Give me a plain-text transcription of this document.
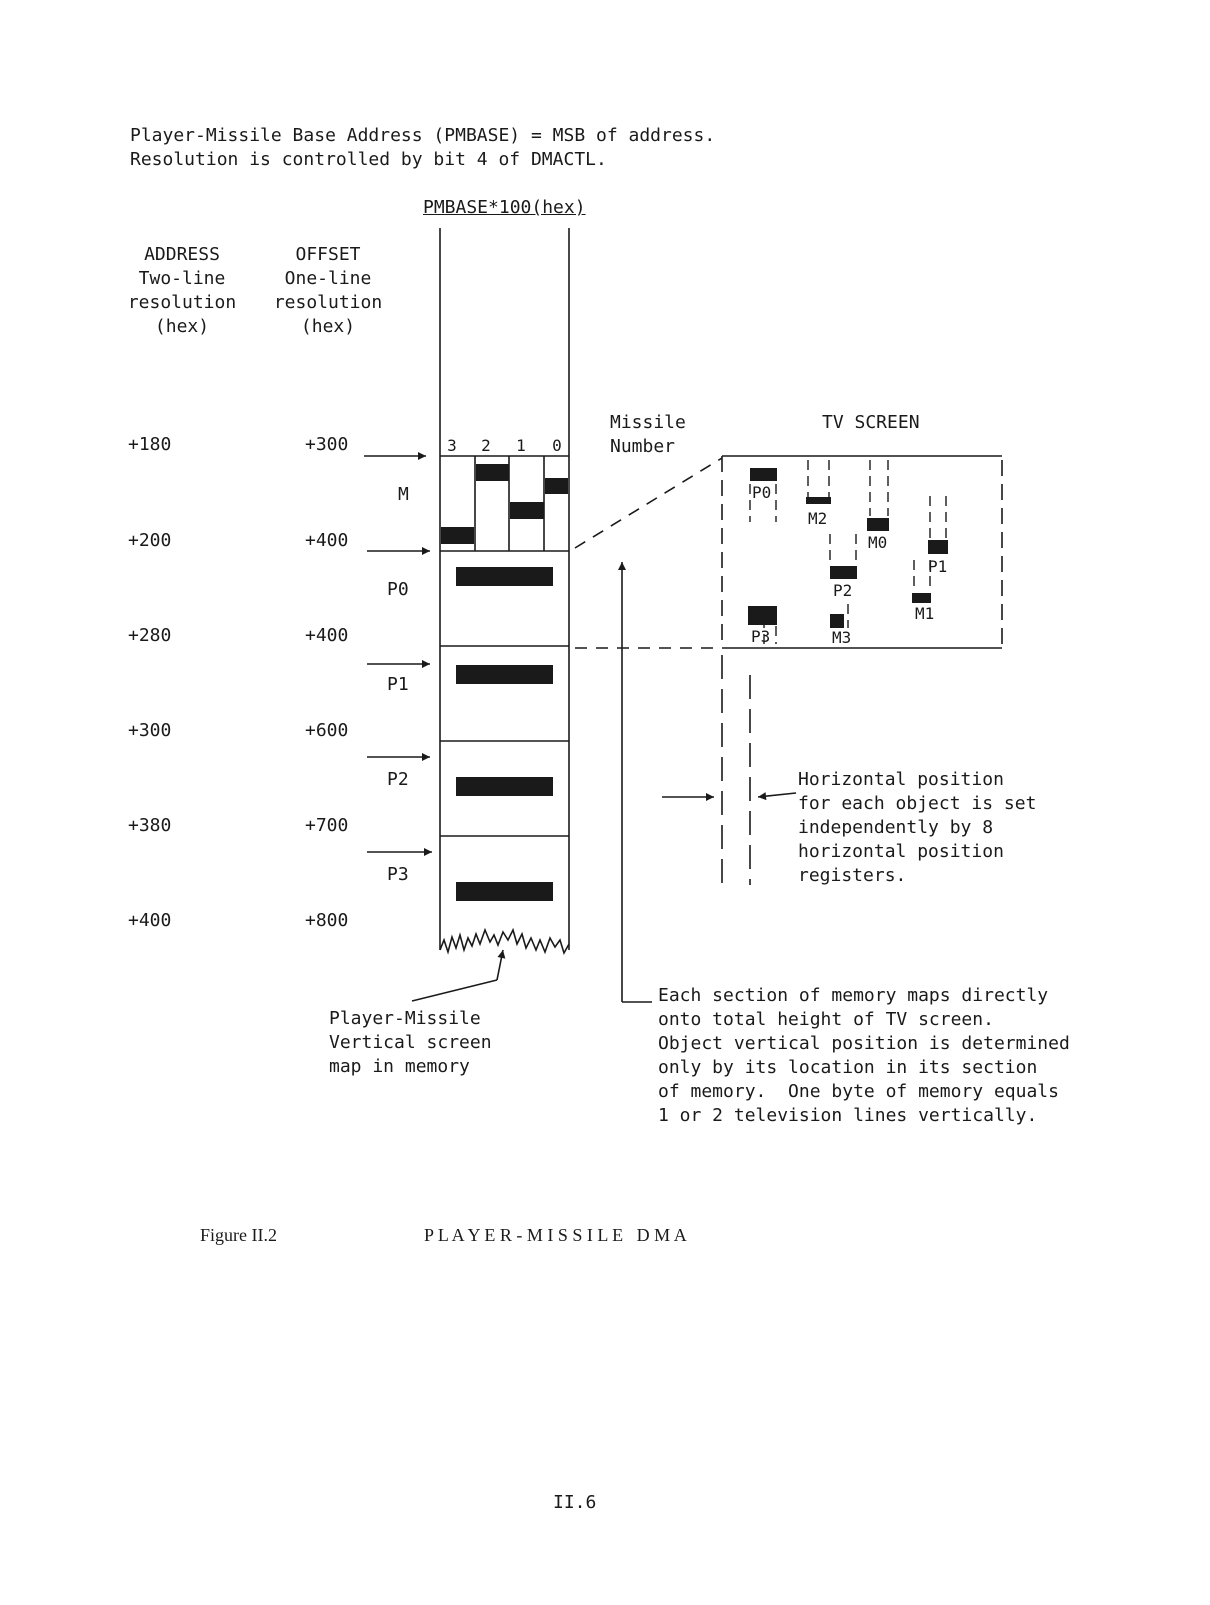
Player-Missile Base Address (PMBASE) = MSB of address.
Resolution is controlled by bit 4 of DMACTL.
ADDRESS
Two-line
resolution
(hex)
OFFSET
One-line
resolution
(hex)
+180
+200
+280
+300
+380
+400
+300
+400
+400
+600
+700
+800
PMBASE*100(hex)
M
P0
P1
P2
P3
Missile
Number
TV SCREEN
Horizontal position
for each object is set
independently by 8
horizontal position
registers.
Player-Missile
Vertical screen
map in memory
Each section of memory maps directly
onto total height of TV screen.
Object vertical position is determined
only by its location in its section
of memory.  One byte of memory equals
1 or 2 television lines vertically.
Figure II.2	P L A Y E R - M I S S I L E   D M A
II.6
3 2 1 0
P0
M2
M0
P1
P2
M1
P3	M3
